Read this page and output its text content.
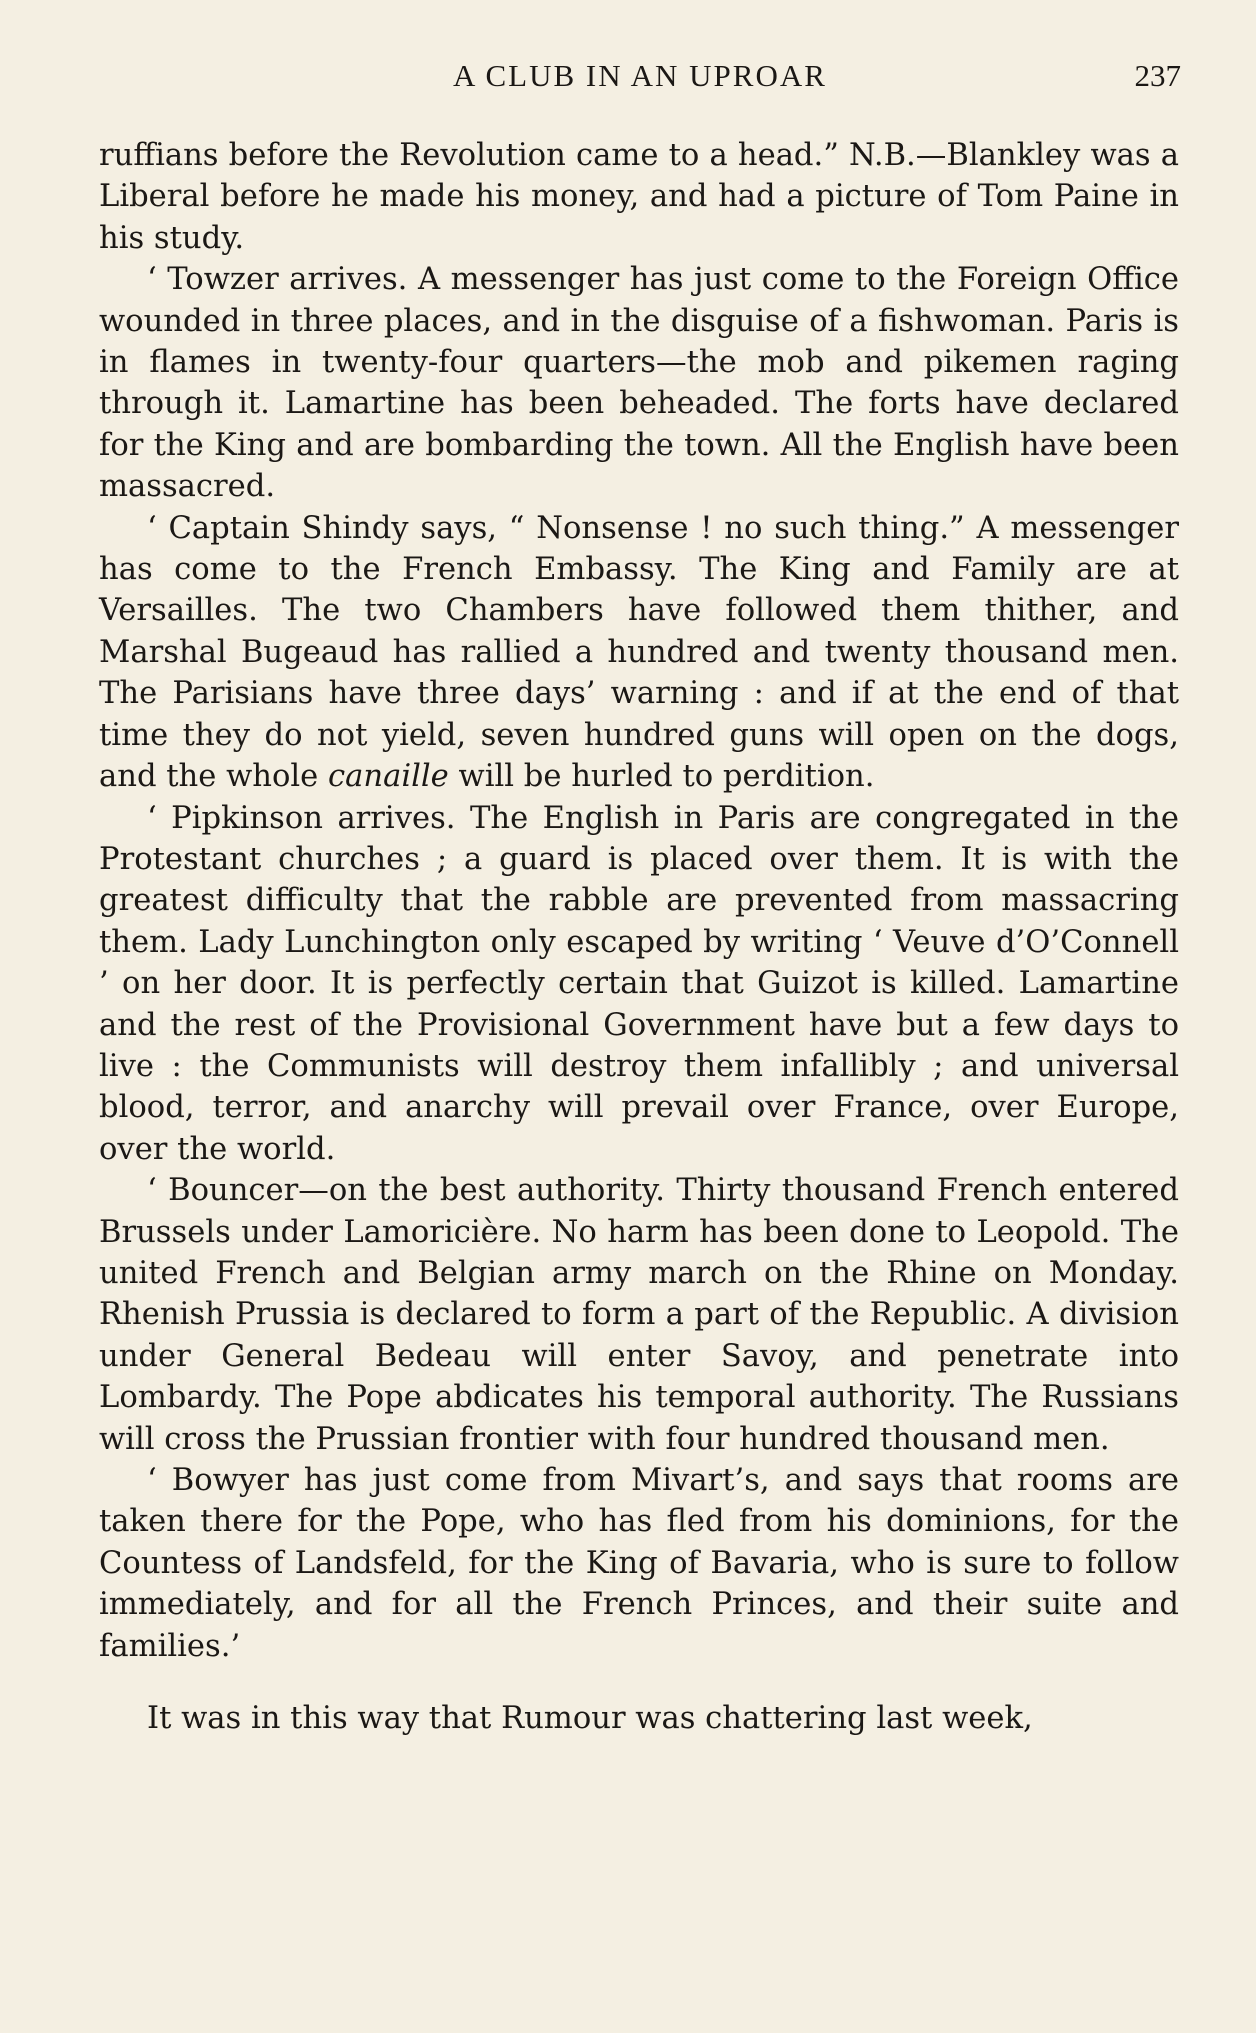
A CLUB IN AN UPROAR	237

ruffians before the Revolution came to a head.” N.B.—Blankley was a Liberal before he made his money, and had a picture of Tom Paine in his study.

‘ Towzer arrives. A messenger has just come to the Foreign Office wounded in three places, and in the disguise of a fishwoman. Paris is in flames in twenty-four quarters—the mob and pikemen raging through it. Lamartine has been beheaded. The forts have declared for the King and are bombarding the town. All the English have been massacred.

‘ Captain Shindy says, “ Nonsense ! no such thing.” A messenger has come to the French Embassy. The King and Family are at Versailles. The two Chambers have followed them thither, and Marshal Bugeaud has rallied a hundred and twenty thousand men. The Parisians have three days’ warning : and if at the end of that time they do not yield, seven hundred guns will open on the dogs, and the whole canaille will be hurled to perdition.

‘ Pipkinson arrives. The English in Paris are congregated in the Protestant churches ; a guard is placed over them. It is with the greatest difficulty that the rabble are prevented from massacring them. Lady Lunchington only escaped by writing ‘ Veuve d’O’Connell ’ on her door. It is perfectly certain that Guizot is killed. Lamartine and the rest of the Provisional Government have but a few days to live : the Communists will destroy them infallibly ; and universal blood, terror, and anarchy will prevail over France, over Europe, over the world.

‘ Bouncer—on the best authority. Thirty thousand French entered Brussels under Lamoricière. No harm has been done to Leopold. The united French and Belgian army march on the Rhine on Monday. Rhenish Prussia is declared to form a part of the Republic. A division under General Bedeau will enter Savoy, and penetrate into Lombardy. The Pope abdicates his temporal authority. The Russians will cross the Prussian frontier with four hundred thousand men.

‘ Bowyer has just come from Mivart’s, and says that rooms are taken there for the Pope, who has fled from his dominions, for the Countess of Landsfeld, for the King of Bavaria, who is sure to follow immediately, and for all the French Princes, and their suite and families.’

It was in this way that Rumour was chattering last week,
